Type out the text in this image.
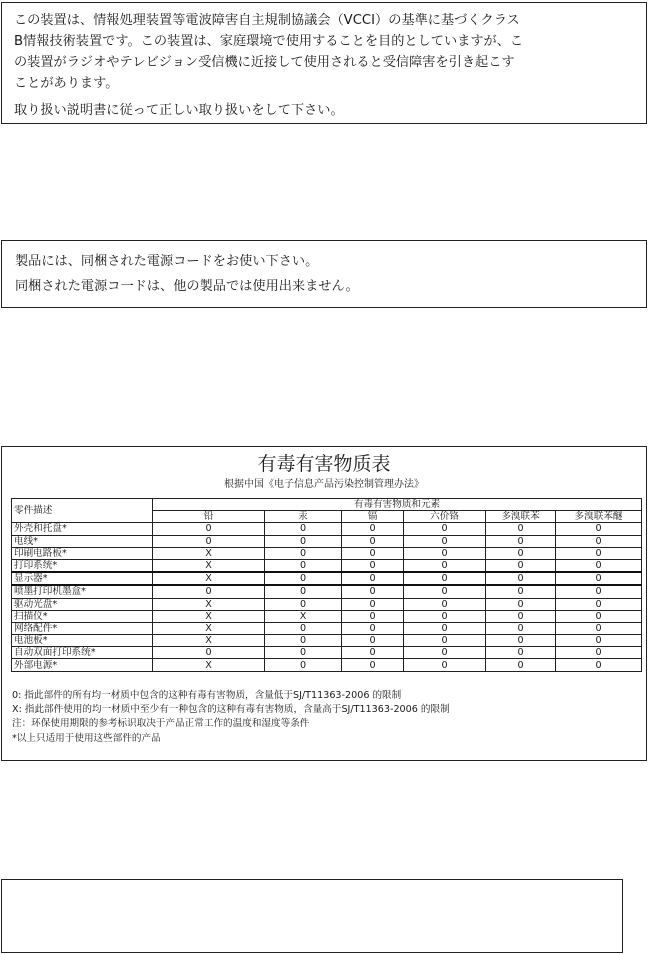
この装置は、情報処理装置等電波障害自主規制協議会（VCCI）の基準に基づくクラス

B情報技術装置です。この装置は、家庭環境で使用することを目的としていますが、こ

の装置がラジオやテレビジョン受信機に近接して使用されると受信障害を引き起こす

ことがあります。

取り扱い説明書に従って正しい取り扱いをして下さい。

製品には、同梱された電源コードをお使い下さい。

同梱された電源コ一ドは、他の製品では使用出来ません。

有毒有害物质表
根据中国《电子信息产品污染控制管理办法》
零件描述	有毒有害物质和元素					
	铅	汞	镉	六价铬	多溴联苯	多溴联苯醚
外壳和托盘*	0	0	0	0	0	0
电线*	0	0	0	0	0	0
印刷电路板*	X	0	0	0	0	0
打印系统*	X	0	0	0	0	0
显示器*	X	0	0	0	0	0
喷墨打印机墨盒*	0	0	0	0	0	0
驱动光盘*	X	0	0	0	0	0
扫描仪*	X	X	0	0	0	0
网络配件*	X	0	0	0	0	0
电池板*	X	0	0	0	0	0
自动双面打印系统*	0	0	0	0	0	0
外部电源*	X	0	0	0	0	0
0: 指此部件的所有均一材质中包含的这种有毒有害物质，含量低于SJ/T11363-2006 的限制
X: 指此部件使用的均一材质中至少有一种包含的这种有毒有害物质，含量高于SJ/T11363-2006 的限制
注：环保使用期限的参考标识取决于产品正常工作的温度和湿度等条件
*以上只适用于使用这些部件的产品
